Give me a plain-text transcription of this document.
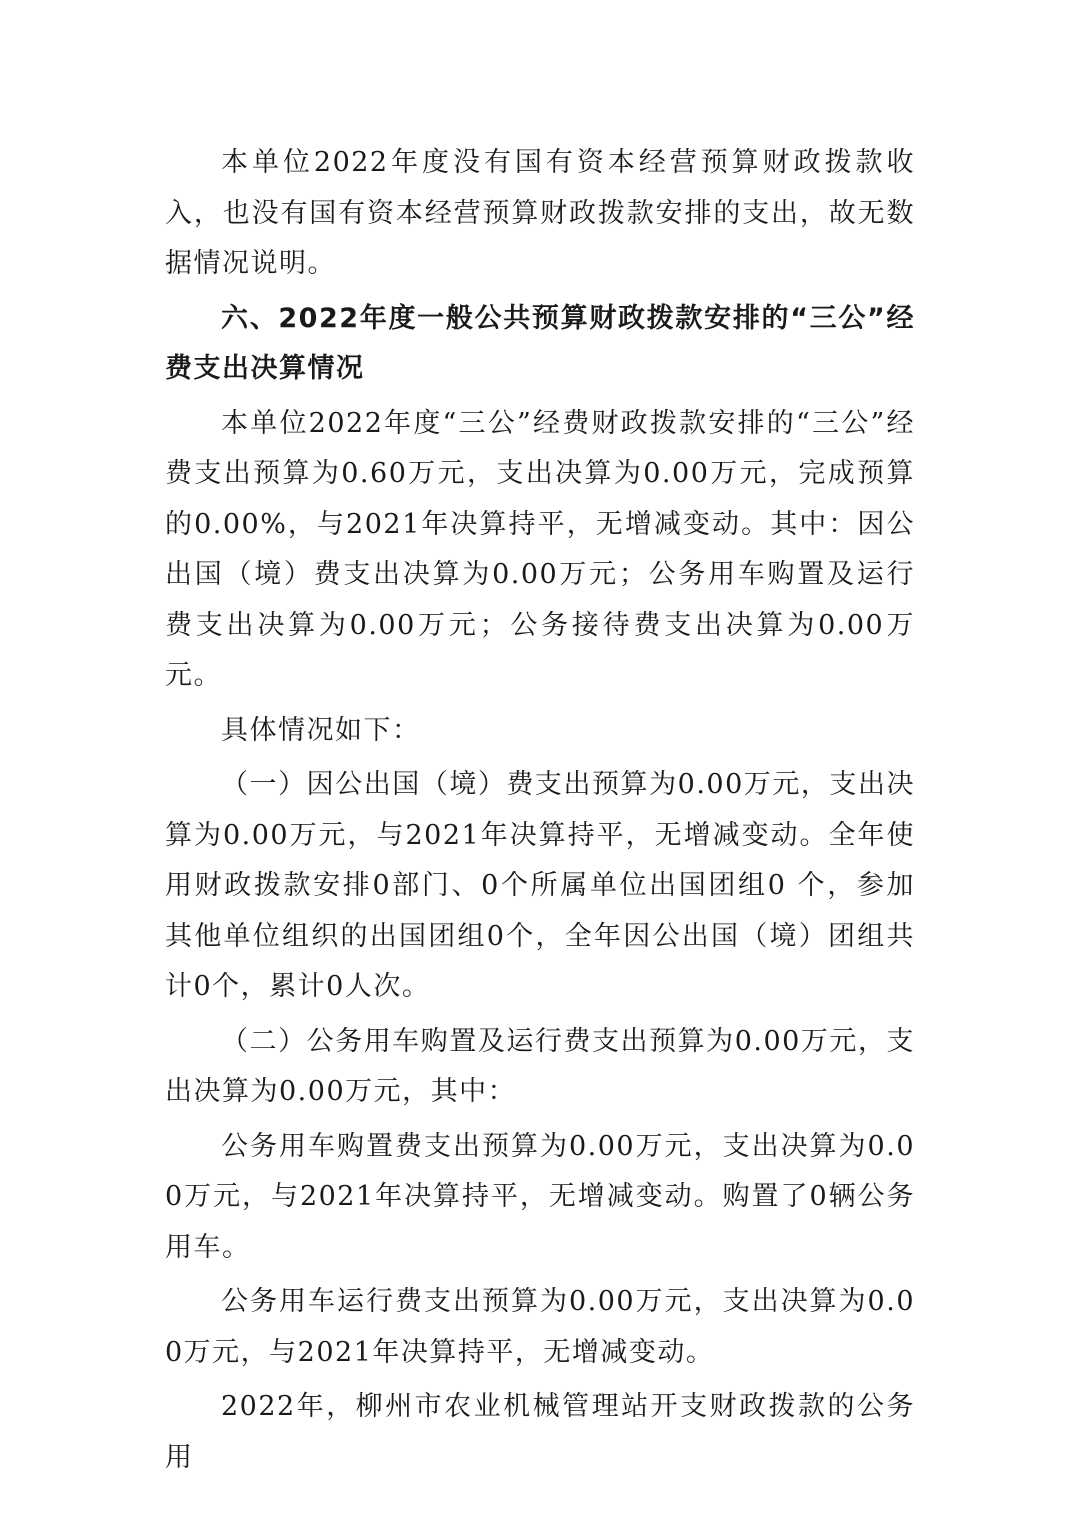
本单位2022年度没有国有资本经营预算财政拨款收入，也没有国有资本经营预算财政拨款安排的支出，故无数据情况说明。

六、2022年度一般公共预算财政拨款安排的“三公”经费支出决算情况

本单位2022年度“三公”经费财政拨款安排的“三公”经费支出预算为0.60万元，支出决算为0.00万元，完成预算的0.00%，与2021年决算持平，无增减变动。其中：因公出国（境）费支出决算为0.00万元；公务用车购置及运行费支出决算为0.00万元；公务接待费支出决算为0.00万元。

具体情况如下：

（一）因公出国（境）费支出预算为0.00万元，支出决算为0.00万元，与2021年决算持平，无增减变动。全年使用财政拨款安排0部门、0个所属单位出国团组0 个，参加其他单位组织的出国团组0个，全年因公出国（境）团组共计0个，累计0人次。

（二）公务用车购置及运行费支出预算为0.00万元，支出决算为0.00万元，其中：

公务用车购置费支出预算为0.00万元，支出决算为0.00万元，与2021年决算持平，无增减变动。购置了0辆公务用车。

公务用车运行费支出预算为0.00万元，支出决算为0.00万元，与2021年决算持平，无增减变动。

2022年，柳州市农业机械管理站开支财政拨款的公务用
